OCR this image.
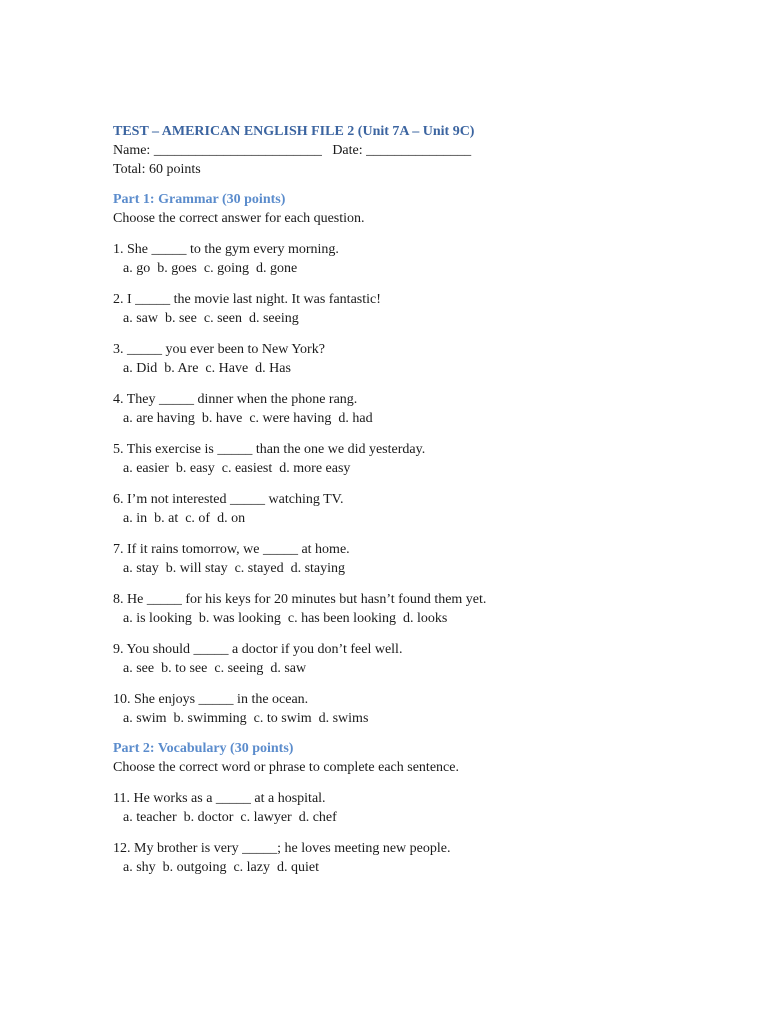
TEST – AMERICAN ENGLISH FILE 2 (Unit 7A – Unit 9C)
Name: ________________________   Date: _______________
Total: 60 points
Part 1: Grammar (30 points)
Choose the correct answer for each question.
1. She _____ to the gym every morning.
a. go  b. goes  c. going  d. gone
2. I _____ the movie last night. It was fantastic!
a. saw  b. see  c. seen  d. seeing
3. _____ you ever been to New York?
a. Did  b. Are  c. Have  d. Has
4. They _____ dinner when the phone rang.
a. are having  b. have  c. were having  d. had
5. This exercise is _____ than the one we did yesterday.
a. easier  b. easy  c. easiest  d. more easy
6. I’m not interested _____ watching TV.
a. in  b. at  c. of  d. on
7. If it rains tomorrow, we _____ at home.
a. stay  b. will stay  c. stayed  d. staying
8. He _____ for his keys for 20 minutes but hasn’t found them yet.
a. is looking  b. was looking  c. has been looking  d. looks
9. You should _____ a doctor if you don’t feel well.
a. see  b. to see  c. seeing  d. saw
10. She enjoys _____ in the ocean.
a. swim  b. swimming  c. to swim  d. swims
Part 2: Vocabulary (30 points)
Choose the correct word or phrase to complete each sentence.
11. He works as a _____ at a hospital.
a. teacher  b. doctor  c. lawyer  d. chef
12. My brother is very _____; he loves meeting new people.
a. shy  b. outgoing  c. lazy  d. quiet
